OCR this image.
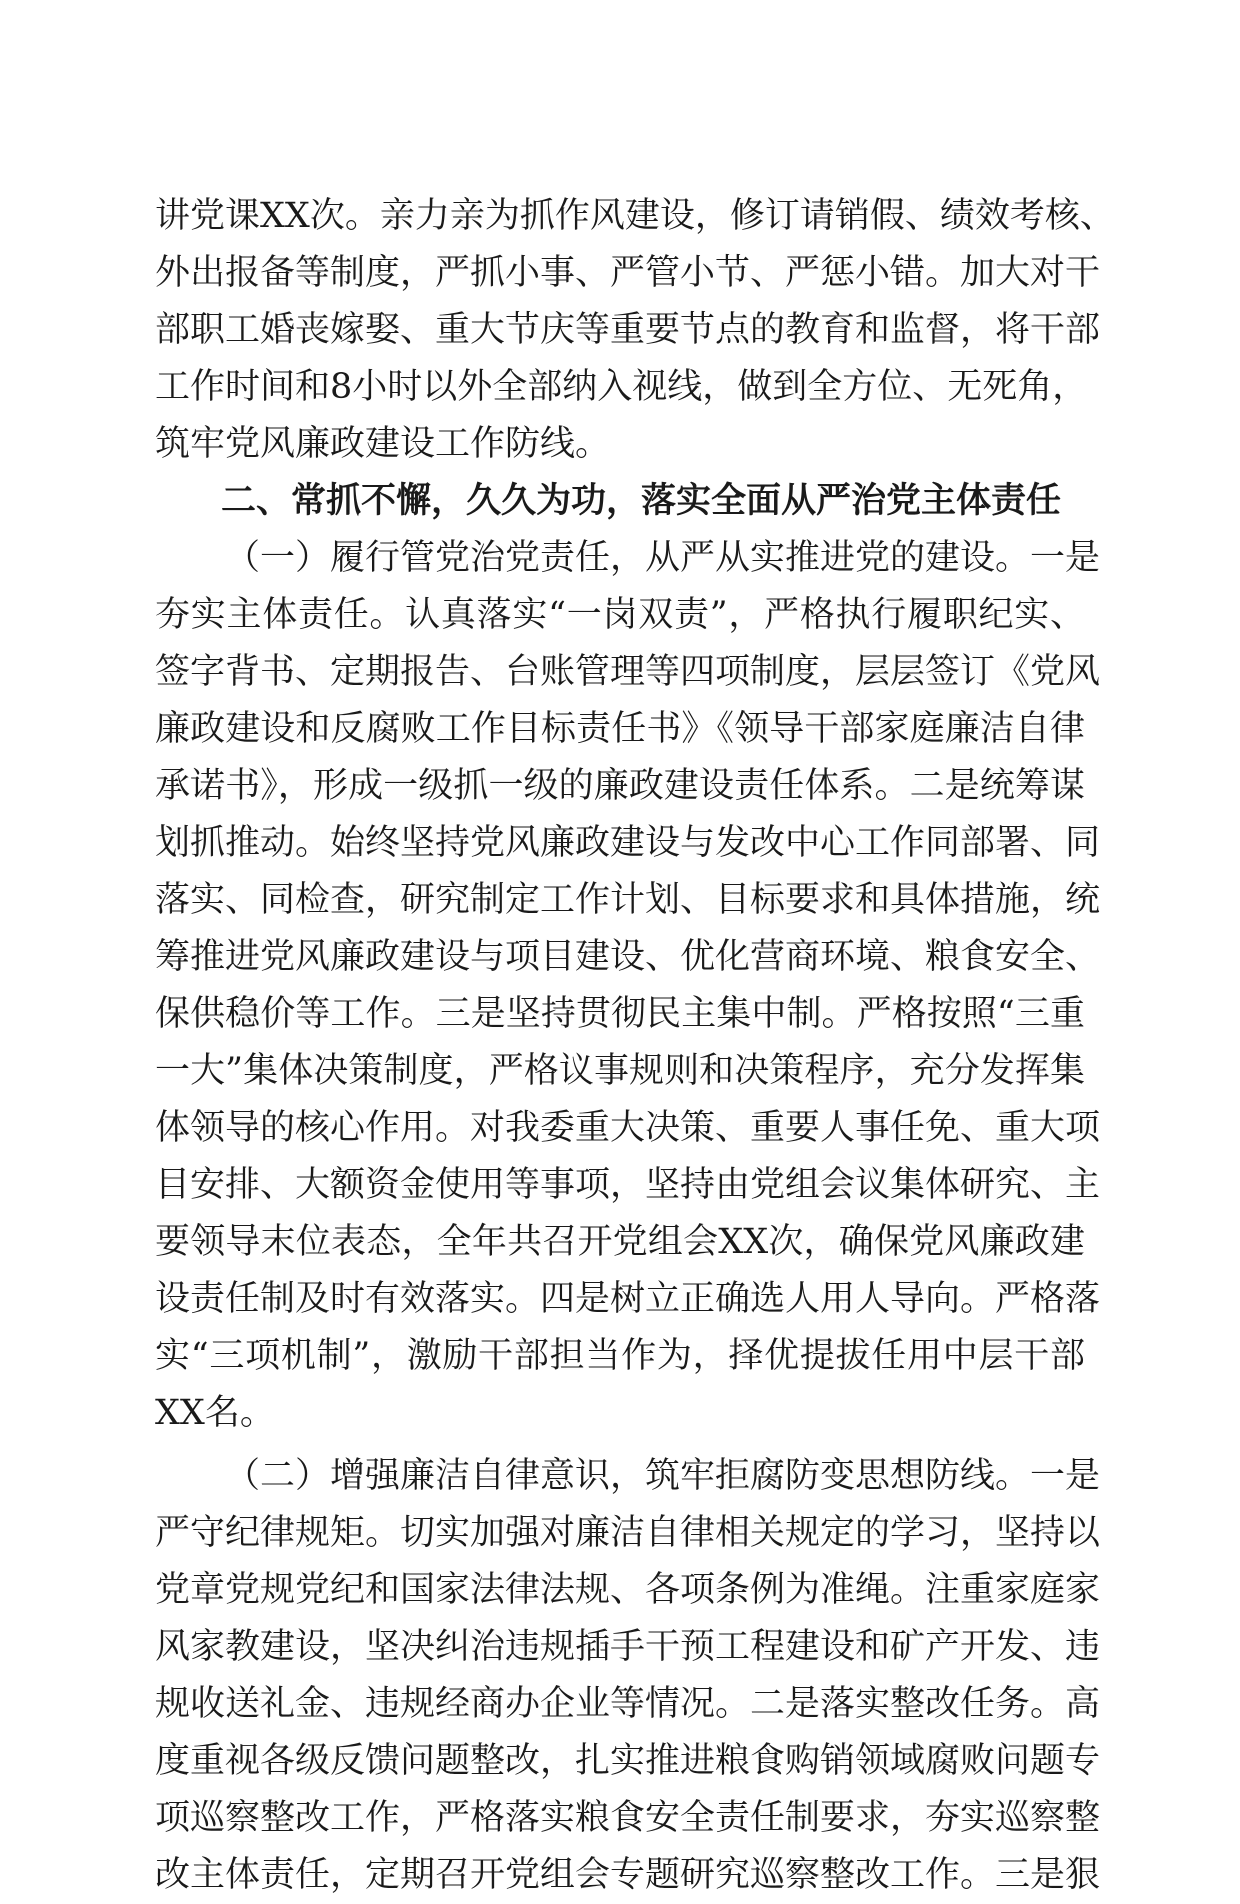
讲党课XX次。亲力亲为抓作风建设，修订请销假、绩效考核、
外出报备等制度，严抓小事、严管小节、严惩小错。加大对干
部职工婚丧嫁娶、重大节庆等重要节点的教育和监督，将干部
工作时间和8小时以外全部纳入视线，做到全方位、无死角，
筑牢党风廉政建设工作防线。
二、常抓不懈，久久为功，落实全面从严治党主体责任
（一）履行管党治党责任，从严从实推进党的建设。一是
夯实主体责任。认真落实“一岗双责”，严格执行履职纪实、
签字背书、定期报告、台账管理等四项制度，层层签订《党风
廉政建设和反腐败工作目标责任书》《领导干部家庭廉洁自律
承诺书》，形成一级抓一级的廉政建设责任体系。二是统筹谋
划抓推动。始终坚持党风廉政建设与发改中心工作同部署、同
落实、同检查，研究制定工作计划、目标要求和具体措施，统
筹推进党风廉政建设与项目建设、优化营商环境、粮食安全、
保供稳价等工作。三是坚持贯彻民主集中制。严格按照“三重
一大”集体决策制度，严格议事规则和决策程序，充分发挥集
体领导的核心作用。对我委重大决策、重要人事任免、重大项
目安排、大额资金使用等事项，坚持由党组会议集体研究、主
要领导末位表态，全年共召开党组会XX次，确保党风廉政建
设责任制及时有效落实。四是树立正确选人用人导向。严格落
实“三项机制”，激励干部担当作为，择优提拔任用中层干部
XX名。
（二）增强廉洁自律意识，筑牢拒腐防变思想防线。一是
严守纪律规矩。切实加强对廉洁自律相关规定的学习，坚持以
党章党规党纪和国家法律法规、各项条例为准绳。注重家庭家
风家教建设，坚决纠治违规插手干预工程建设和矿产开发、违
规收送礼金、违规经商办企业等情况。二是落实整改任务。高
度重视各级反馈问题整改，扎实推进粮食购销领域腐败问题专
项巡察整改工作，严格落实粮食安全责任制要求，夯实巡察整
改主体责任，定期召开党组会专题研究巡察整改工作。三是狠
